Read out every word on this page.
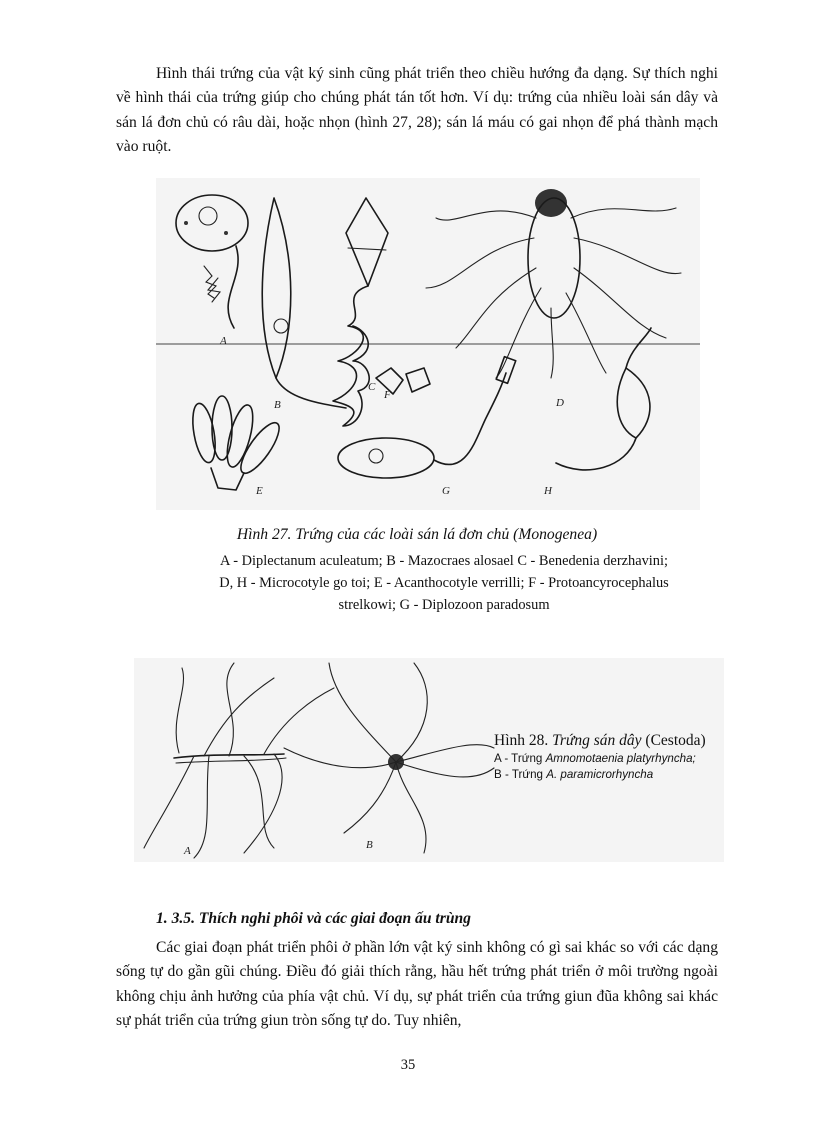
Hình thái trứng của vật ký sinh cũng phát triển theo chiều hướng đa dạng. Sự thích nghi về hình thái của trứng giúp cho chúng phát tán tốt hơn. Ví dụ: trứng của nhiều loài sán dây và sán lá đơn chủ có râu dài, hoặc nhọn (hình 27, 28); sán lá máu có gai nhọn để phá thành mạch vào ruột.

A
B
C
D
E
F
G	H
Hình 27. Trứng của các loài sán lá đơn chủ (Monogenea)
A - Diplectanum aculeatum; B - Mazocraes alosael C - Benedenia derzhavini;
D, H - Microcotyle go toi; E - Acanthocotyle verrilli; F - Protoancyrocephalus
strelkowi; G - Diplozoon paradosum
A	B
Hình 28. Trứng sán dây (Cestoda)
A - Trứng Amnomotaenia platyrhyncha;
B - Trứng A. paramicrorhyncha
1. 3.5. Thích nghi phôi và các giai đoạn ấu trùng

Các giai đoạn phát triển phôi ở phần lớn vật ký sinh không có gì sai khác so với các dạng sống tự do gần gũi chúng. Điều đó giải thích rằng, hầu hết trứng phát triển ở môi trường ngoài không chịu ảnh hưởng của phía vật chủ. Ví dụ, sự phát triển của trứng giun đũa không sai khác sự phát triển của trứng giun tròn sống tự do. Tuy nhiên,

35
